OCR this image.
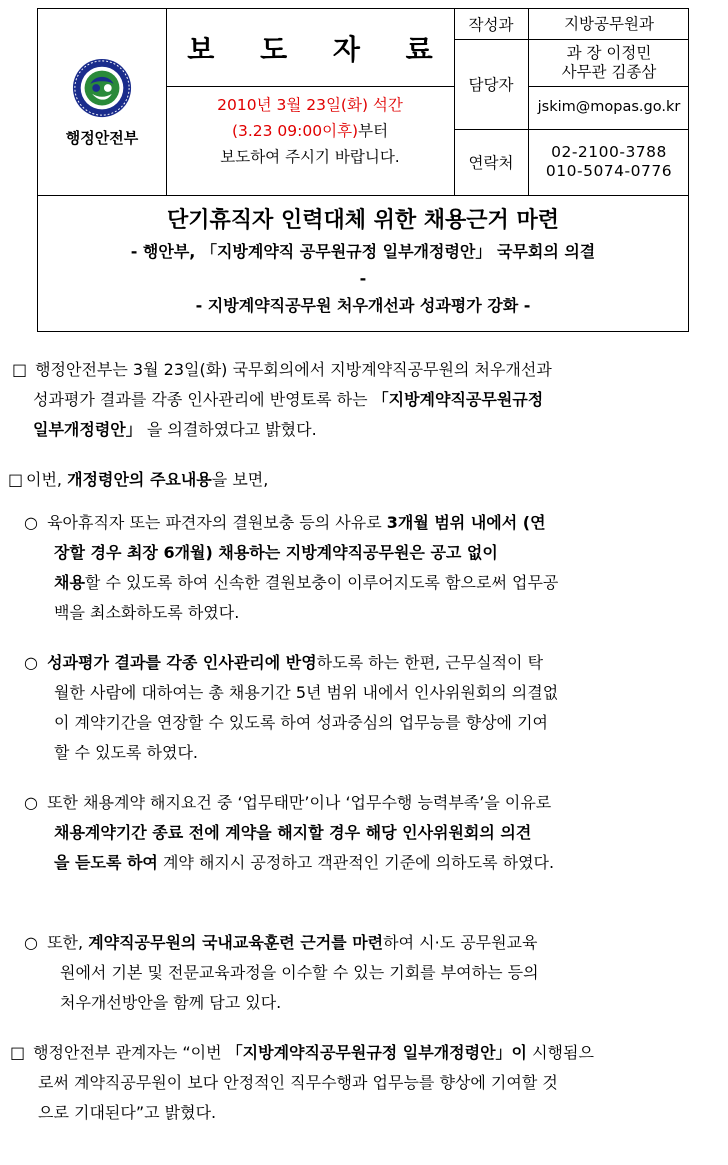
행정안전부
보 도 자 료
2010년 3월 23일(화) 석간
(3.23 09:00이후)부터
보도하여 주시기 바랍니다.
작성과	지방공무원과
담당자
과 장 이정민
사무관 김종삼
jskim@mopas.go.kr
연락처
02-2100-3788
010-5074-0776
단기휴직자 인력대체 위한 채용근거 마련
- 행안부, 「지방계약직 공무원규정 일부개정령안」 국무회의 의결
-
- 지방계약직공무원 처우개선과 성과평가 강화 -

□ 행정안전부는 3월 23일(화) 국무회의에서 지방계약직공무원의 처우개선과

성과평가 결과를 각종 인사관리에 반영토록 하는 「지방계약직공무원규정

일부개정령안」 을 의결하였다고 밝혔다.

□ 이번, 개정령안의 주요내용을 보면,

○ 육아휴직자 또는 파견자의 결원보충 등의 사유로 3개월 범위 내에서 (연

장할 경우 최장 6개월) 채용하는 지방계약직공무원은 공고 없이

채용할 수 있도록 하여 신속한 결원보충이 이루어지도록 함으로써 업무공

백을 최소화하도록 하였다.

○ 성과평가 결과를 각종 인사관리에 반영하도록 하는 한편, 근무실적이 탁

월한 사람에 대하여는 총 채용기간 5년 범위 내에서 인사위원회의 의결없

이 계약기간을 연장할 수 있도록 하여 성과중심의 업무능를 향상에 기여

할 수 있도록 하였다.

○ 또한 채용계약 해지요건 중 ‘업무태만’이나 ‘업무수행 능력부족’을 이유로

채용계약기간 종료 전에 계약을 해지할 경우 해당 인사위원회의 의견

을 듣도록 하여 계약 해지시 공정하고 객관적인 기준에 의하도록 하였다.

○ 또한, 계약직공무원의 국내교육훈련 근거를 마련하여 시·도 공무원교육

원에서 기본 및 전문교육과정을 이수할 수 있는 기회를 부여하는 등의

처우개선방안을 함께 담고 있다.

□ 행정안전부 관계자는 “이번 「지방계약직공무원규정 일부개정령안」이 시행됨으

로써 계약직공무원이 보다 안정적인 직무수행과 업무능를 향상에 기여할 것

으로 기대된다”고 밝혔다.
